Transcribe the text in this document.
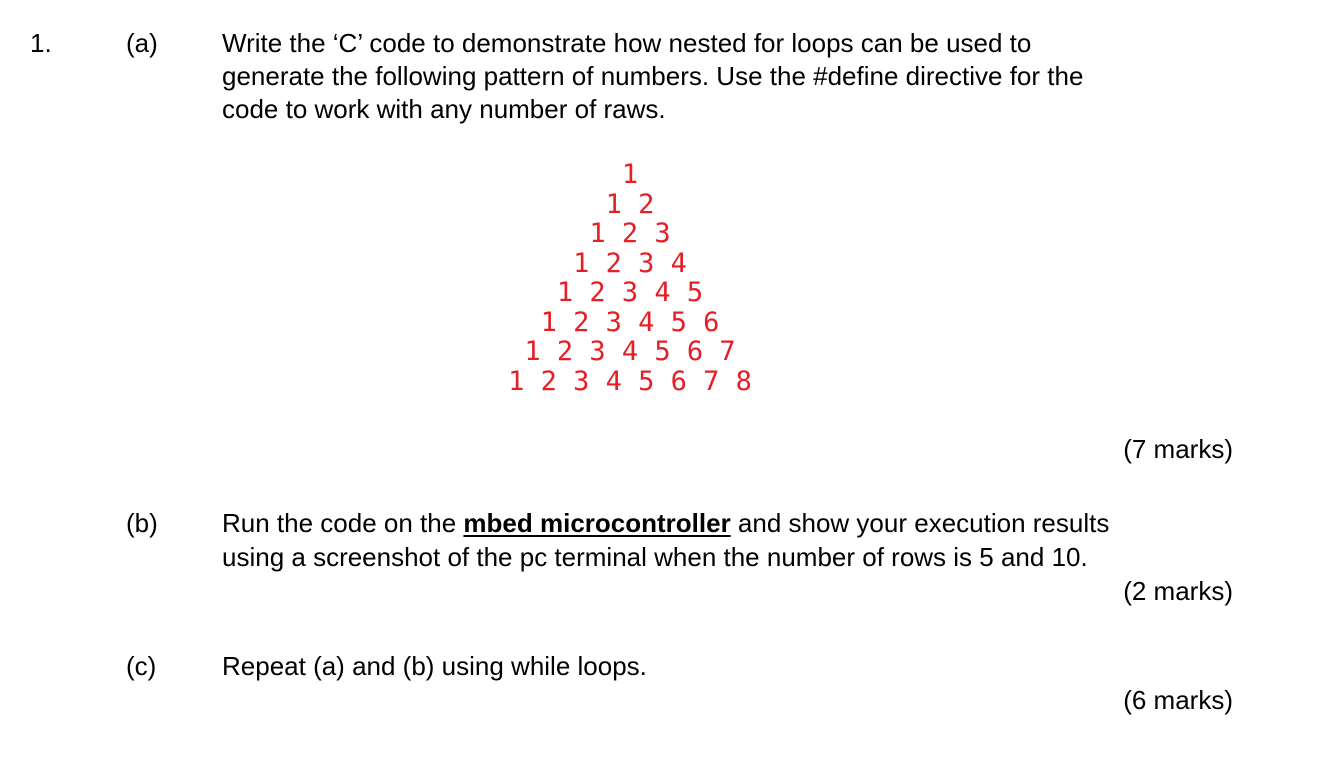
1.	(a) Write the ‘C’ code to demonstrate how nested for loops can be used to
generate the following pattern of numbers. Use the #define directive for the
code to work with any number of raws.
1
1 2
1 2 3
1 2 3 4
1 2 3 4 5
1 2 3 4 5 6
1 2 3 4 5 6 7
1 2 3 4 5 6 7 8
(7 marks)
(b) Run the code on the mbed microcontroller and show your execution results
using a screenshot of the pc terminal when the number of rows is 5 and 10.
(2 marks)
(c)	Repeat (a) and (b) using while loops.
(6 marks)
